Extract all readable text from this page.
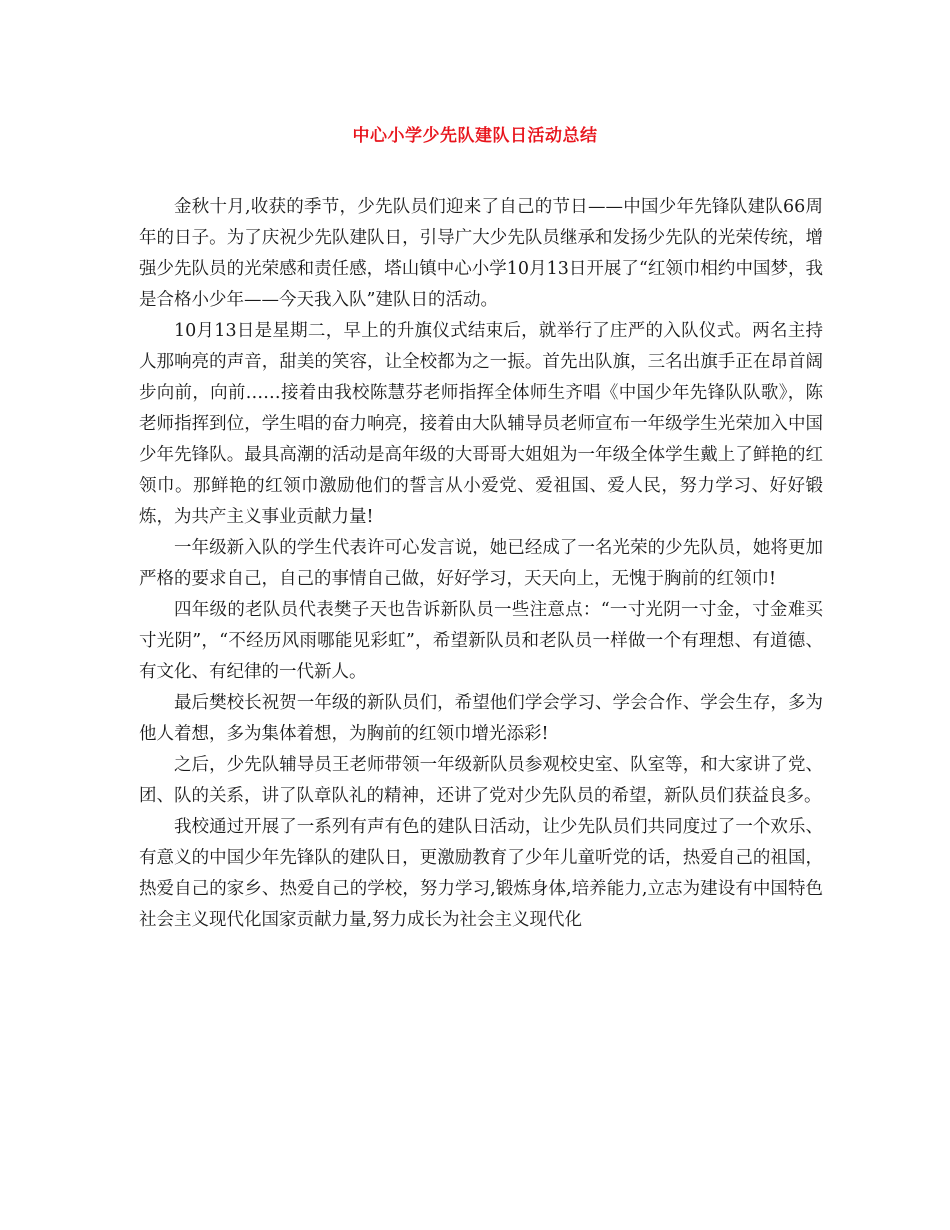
中心小学少先队建队日活动总结

金秋十月,收获的季节，少先队员们迎来了自己的节日——中国少年先锋队建队66周年的日子。为了庆祝少先队建队日，引导广大少先队员继承和发扬少先队的光荣传统，增强少先队员的光荣感和责任感，塔山镇中心小学10月13日开展了“红领巾相约中国梦，我是合格小少年——今天我入队”建队日的活动。

10月13日是星期二，早上的升旗仪式结束后，就举行了庄严的入队仪式。两名主持人那响亮的声音，甜美的笑容，让全校都为之一振。首先出队旗，三名出旗手正在昂首阔步向前，向前……接着由我校陈慧芬老师指挥全体师生齐唱《中国少年先锋队队歌》，陈老师指挥到位，学生唱的奋力响亮，接着由大队辅导员老师宣布一年级学生光荣加入中国少年先锋队。最具高潮的活动是高年级的大哥哥大姐姐为一年级全体学生戴上了鲜艳的红领巾。那鲜艳的红领巾激励他们的誓言从小爱党、爱祖国、爱人民，努力学习、好好锻炼，为共产主义事业贡献力量!

一年级新入队的学生代表许可心发言说，她已经成了一名光荣的少先队员，她将更加严格的要求自己，自己的事情自己做，好好学习，天天向上，无愧于胸前的红领巾!

四年级的老队员代表樊子天也告诉新队员一些注意点：“一寸光阴一寸金，寸金难买寸光阴”，“不经历风雨哪能见彩虹”，希望新队员和老队员一样做一个有理想、有道德、有文化、有纪律的一代新人。

最后樊校长祝贺一年级的新队员们，希望他们学会学习、学会合作、学会生存，多为他人着想，多为集体着想，为胸前的红领巾增光添彩!

之后，少先队辅导员王老师带领一年级新队员参观校史室、队室等，和大家讲了党、团、队的关系，讲了队章队礼的精神，还讲了党对少先队员的希望，新队员们获益良多。

我校通过开展了一系列有声有色的建队日活动，让少先队员们共同度过了一个欢乐、有意义的中国少年先锋队的建队日，更激励教育了少年儿童听党的话，热爱自己的祖国，热爱自己的家乡、热爱自己的学校，努力学习,锻炼身体,培养能力,立志为建设有中国特色社会主义现代化国家贡献力量,努力成长为社会主义现代化
